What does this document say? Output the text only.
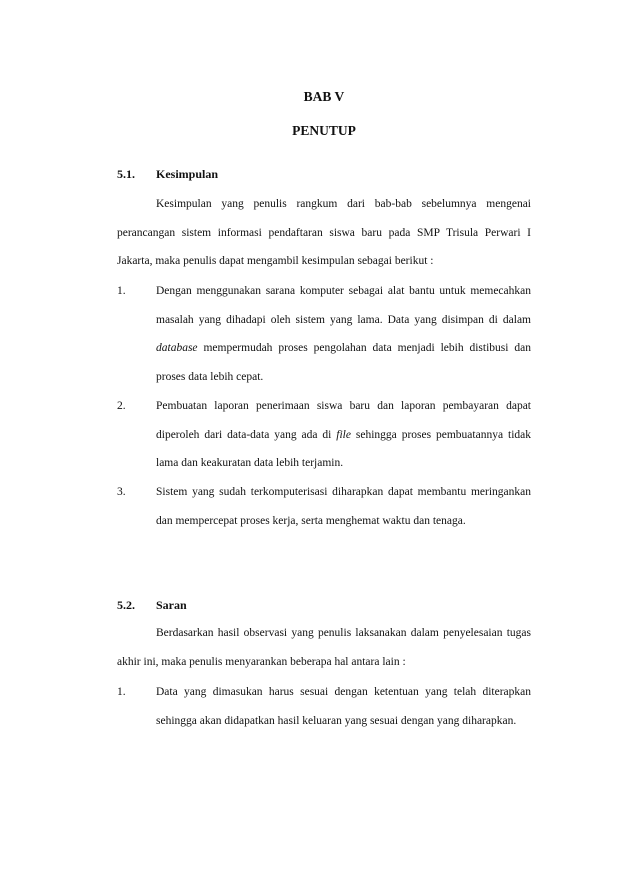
BAB V
PENUTUP
5.1. Kesimpulan

Kesimpulan yang penulis rangkum dari bab-bab sebelumnya mengenai perancangan sistem informasi pendaftaran siswa baru pada SMP Trisula Perwari I Jakarta, maka penulis dapat mengambil kesimpulan sebagai berikut :

1.	Dengan menggunakan sarana komputer sebagai alat bantu untuk memecahkan masalah yang dihadapi oleh sistem yang lama. Data yang disimpan di dalam database mempermudah proses pengolahan data menjadi lebih distibusi dan proses data lebih cepat.
2.	Pembuatan laporan penerimaan siswa baru dan laporan pembayaran dapat diperoleh dari data-data yang ada di file sehingga proses pembuatannya tidak lama dan keakuratan data lebih terjamin.
3.	Sistem yang sudah terkomputerisasi diharapkan dapat membantu meringankan dan mempercepat proses kerja, serta menghemat waktu dan tenaga.
5.2. Saran

Berdasarkan hasil observasi yang penulis laksanakan dalam penyelesaian tugas akhir ini, maka penulis menyarankan beberapa hal antara lain :

1.	Data yang dimasukan harus sesuai dengan ketentuan yang telah diterapkan sehingga akan didapatkan hasil keluaran yang sesuai dengan yang diharapkan.
